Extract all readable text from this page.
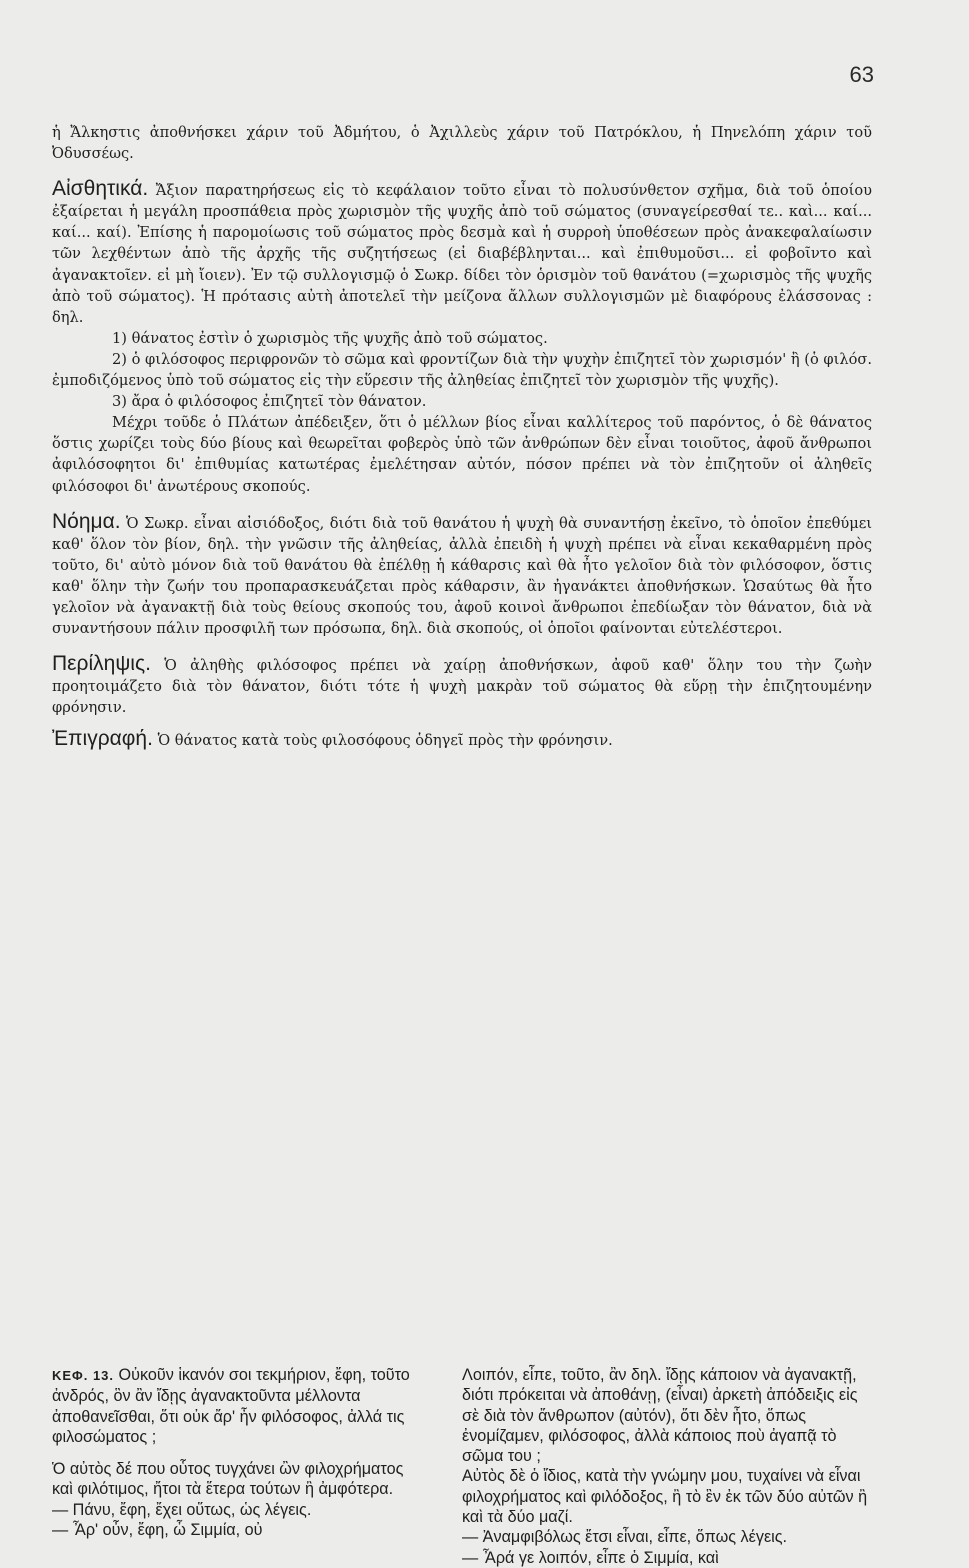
63

ἡ Ἄλκηστις ἀποθνήσκει χάριν τοῦ Ἀδμήτου, ὁ Ἀχιλλεὺς χάριν τοῦ Πατρόκλου, ἡ Πηνελόπη χάριν τοῦ Ὀδυσσέως.

Αἰσθητικά. Ἄξιον παρατηρήσεως εἰς τὸ κεφάλαιον τοῦτο εἶναι τὸ πολυσύνθετον σχῆμα, διὰ τοῦ ὁποίου ἐξαίρεται ἡ μεγάλη προσπάθεια πρὸς χωρισμὸν τῆς ψυχῆς ἀπὸ τοῦ σώματος (συναγείρεσθαί τε.. καὶ... καί... καί... καί). Ἐπίσης ἡ παρομοίωσις τοῦ σώματος πρὸς δεσμὰ καὶ ἡ συρροὴ ὑποθέσεων πρὸς ἀνακεφαλαίωσιν τῶν λεχθέντων ἀπὸ τῆς ἀρχῆς τῆς συζητήσεως (εἰ διαβέβληνται... καὶ ἐπιθυμοῦσι... εἰ φοβοῖντο καὶ ἀγανακτοῖεν. εἰ μὴ ἴοιεν). Ἐν τῷ συλλογισμῷ ὁ Σωκρ. δίδει τὸν ὁρισμὸν τοῦ θανάτου (=χωρισμὸς τῆς ψυχῆς ἀπὸ τοῦ σώματος). Ἡ πρότασις αὐτὴ ἀποτελεῖ τὴν μείζονα ἄλλων συλλογισμῶν μὲ διαφόρους ἐλάσσονας : δηλ.

1) θάνατος ἐστὶν ὁ χωρισμὸς τῆς ψυχῆς ἀπὸ τοῦ σώματος.

2) ὁ φιλόσοφος περιφρονῶν τὸ σῶμα καὶ φροντίζων διὰ τὴν ψυχὴν ἐπιζητεῖ τὸν χωρισμόν' ἢ (ὁ φιλόσ. ἐμποδιζόμενος ὑπὸ τοῦ σώματος εἰς τὴν εὕρεσιν τῆς ἀληθείας ἐπιζητεῖ τὸν χωρισμὸν τῆς ψυχῆς).

3) ἄρα ὁ φιλόσοφος ἐπιζητεῖ τὸν θάνατον.

Μέχρι τοῦδε ὁ Πλάτων ἀπέδειξεν, ὅτι ὁ μέλλων βίος εἶναι καλλίτερος τοῦ παρόντος, ὁ δὲ θάνατος ὅστις χωρίζει τοὺς δύο βίους καὶ θεωρεῖται φοβερὸς ὑπὸ τῶν ἀνθρώπων δὲν εἶναι τοιοῦτος, ἀφοῦ ἄνθρωποι ἀφιλόσοφητοι δι' ἐπιθυμίας κατωτέρας ἐμελέτησαν αὐτόν, πόσον πρέπει νὰ τὸν ἐπιζητοῦν οἱ ἀληθεῖς φιλόσοφοι δι' ἀνωτέρους σκοπούς.

Νόημα. Ὁ Σωκρ. εἶναι αἰσιόδοξος, διότι διὰ τοῦ θανάτου ἡ ψυχὴ θὰ συναντήσῃ ἐκεῖνο, τὸ ὁποῖον ἐπεθύμει καθ' ὅλον τὸν βίον, δηλ. τὴν γνῶσιν τῆς ἀληθείας, ἀλλὰ ἐπειδὴ ἡ ψυχὴ πρέπει νὰ εἶναι κεκαθαρμένη πρὸς τοῦτο, δι' αὐτὸ μόνον διὰ τοῦ θανάτου θὰ ἐπέλθῃ ἡ κάθαρσις καὶ θὰ ἦτο γελοῖον διὰ τὸν φιλόσοφον, ὅστις καθ' ὅλην τὴν ζωήν του προπαρασκευάζεται πρὸς κάθαρσιν, ἂν ἠγανάκτει ἀποθνήσκων. Ὡσαύτως θὰ ἦτο γελοῖον νὰ ἀγανακτῇ διὰ τοὺς θείους σκοπούς του, ἀφοῦ κοινοὶ ἄνθρωποι ἐπεδίωξαν τὸν θάνατον, διὰ νὰ συναντήσουν πάλιν προσφιλῆ των πρόσωπα, δηλ. διὰ σκοπούς, οἱ ὁποῖοι φαίνονται εὐτελέστεροι.

Περίληψις. Ὁ ἀληθὴς φιλόσοφος πρέπει νὰ χαίρῃ ἀποθνήσκων, ἀφοῦ καθ' ὅλην του τὴν ζωὴν προητοιμάζετο διὰ τὸν θάνατον, διότι τότε ἡ ψυχὴ μακρὰν τοῦ σώματος θὰ εὕρῃ τὴν ἐπιζητουμένην φρόνησιν.

Ἐπιγραφή. Ὁ θάνατος κατὰ τοὺς φιλοσόφους ὁδηγεῖ πρὸς τὴν φρόνησιν.

ΚΕΦ. 13. Οὐκοῦν ἱκανόν σοι τεκμήριον, ἔφη, τοῦτο ἀνδρός, ὃν ἂν ἴδῃς ἀγανακτοῦντα μέλλοντα ἀποθανεῖσθαι, ὅτι οὐκ ἄρ' ἦν φιλόσοφος, ἀλλά τις φιλοσώματος ;

Ὁ αὐτὸς δέ που οὗτος τυγχάνει ὢν φιλοχρήματος καὶ φιλότιμος, ἤτοι τὰ ἕτερα τούτων ἢ ἀμφότερα.

— Πάνυ, ἔφη, ἔχει οὕτως, ὡς λέγεις.

— Ἆρ' οὖν, ἔφη, ὦ Σιμμία, οὐ

Λοιπόν, εἶπε, τοῦτο, ἂν δηλ. ἴδῃς κάποιον νὰ ἀγανακτῇ, διότι πρόκειται νὰ ἀποθάνῃ, (εἶναι) ἀρκετὴ ἀπόδειξις εἰς σὲ διὰ τὸν ἄνθρωπον (αὐτόν), ὅτι δὲν ἦτο, ὅπως ἐνομίζαμεν, φιλόσοφος, ἀλλὰ κάποιος ποὺ ἀγαπᾷ τὸ σῶμα του ;

Αὐτὸς δὲ ὁ ἴδιος, κατὰ τὴν γνώμην μου, τυχαίνει νὰ εἶναι φιλοχρήματος καὶ φιλόδοξος, ἢ τὸ ἓν ἐκ τῶν δύο αὐτῶν ἢ καὶ τὰ δύο μαζί.

— Ἀναμφιβόλως ἔτσι εἶναι, εἶπε, ὅπως λέγεις.

— Ἆρά γε λοιπόν, εἶπε ὁ Σιμμία, καὶ
